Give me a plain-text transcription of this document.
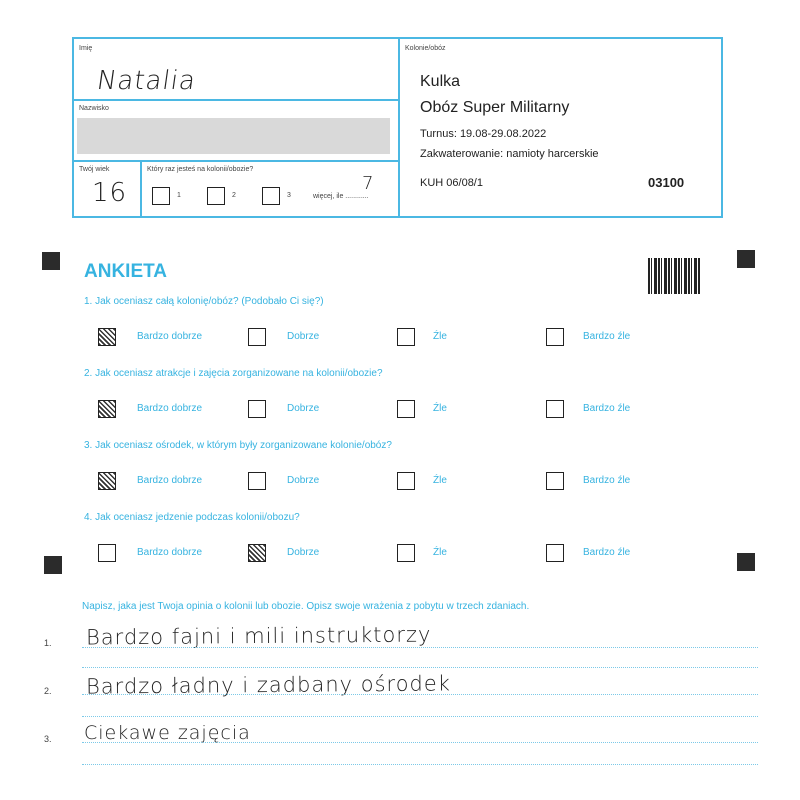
Imię
Natalia
Nazwisko
Twój wiek
16
Który raz jesteś na kolonii/obozie?
1	2	3	więcej, ile ............
7
Kolonie/obóz
Kulka
Obóz Super Militarny
Turnus: 19.08-29.08.2022
Zakwaterowanie: namioty harcerskie
KUH 06/08/1	03100
ANKIETA
1. Jak oceniasz całą kolonię/obóz? (Podobało Ci się?)
Bardzo dobrze	Dobrze	Źle	Bardzo źle
2. Jak oceniasz atrakcje i zajęcia zorganizowane na kolonii/obozie?
Bardzo dobrze	Dobrze	Źle	Bardzo źle
3. Jak oceniasz ośrodek, w którym były zorganizowane kolonie/obóz?
Bardzo dobrze	Dobrze	Źle	Bardzo źle
4. Jak oceniasz jedzenie podczas kolonii/obozu?
Bardzo dobrze	Dobrze	Źle	Bardzo źle
Napisz, jaka jest Twoja opinia o kolonii lub obozie. Opisz swoje wrażenia z pobytu w trzech zdaniach.
1. Bardzo fajni i mili instruktorzy
2. Bardzo ładny i zadbany ośrodek
3. Ciekawe zajęcia
